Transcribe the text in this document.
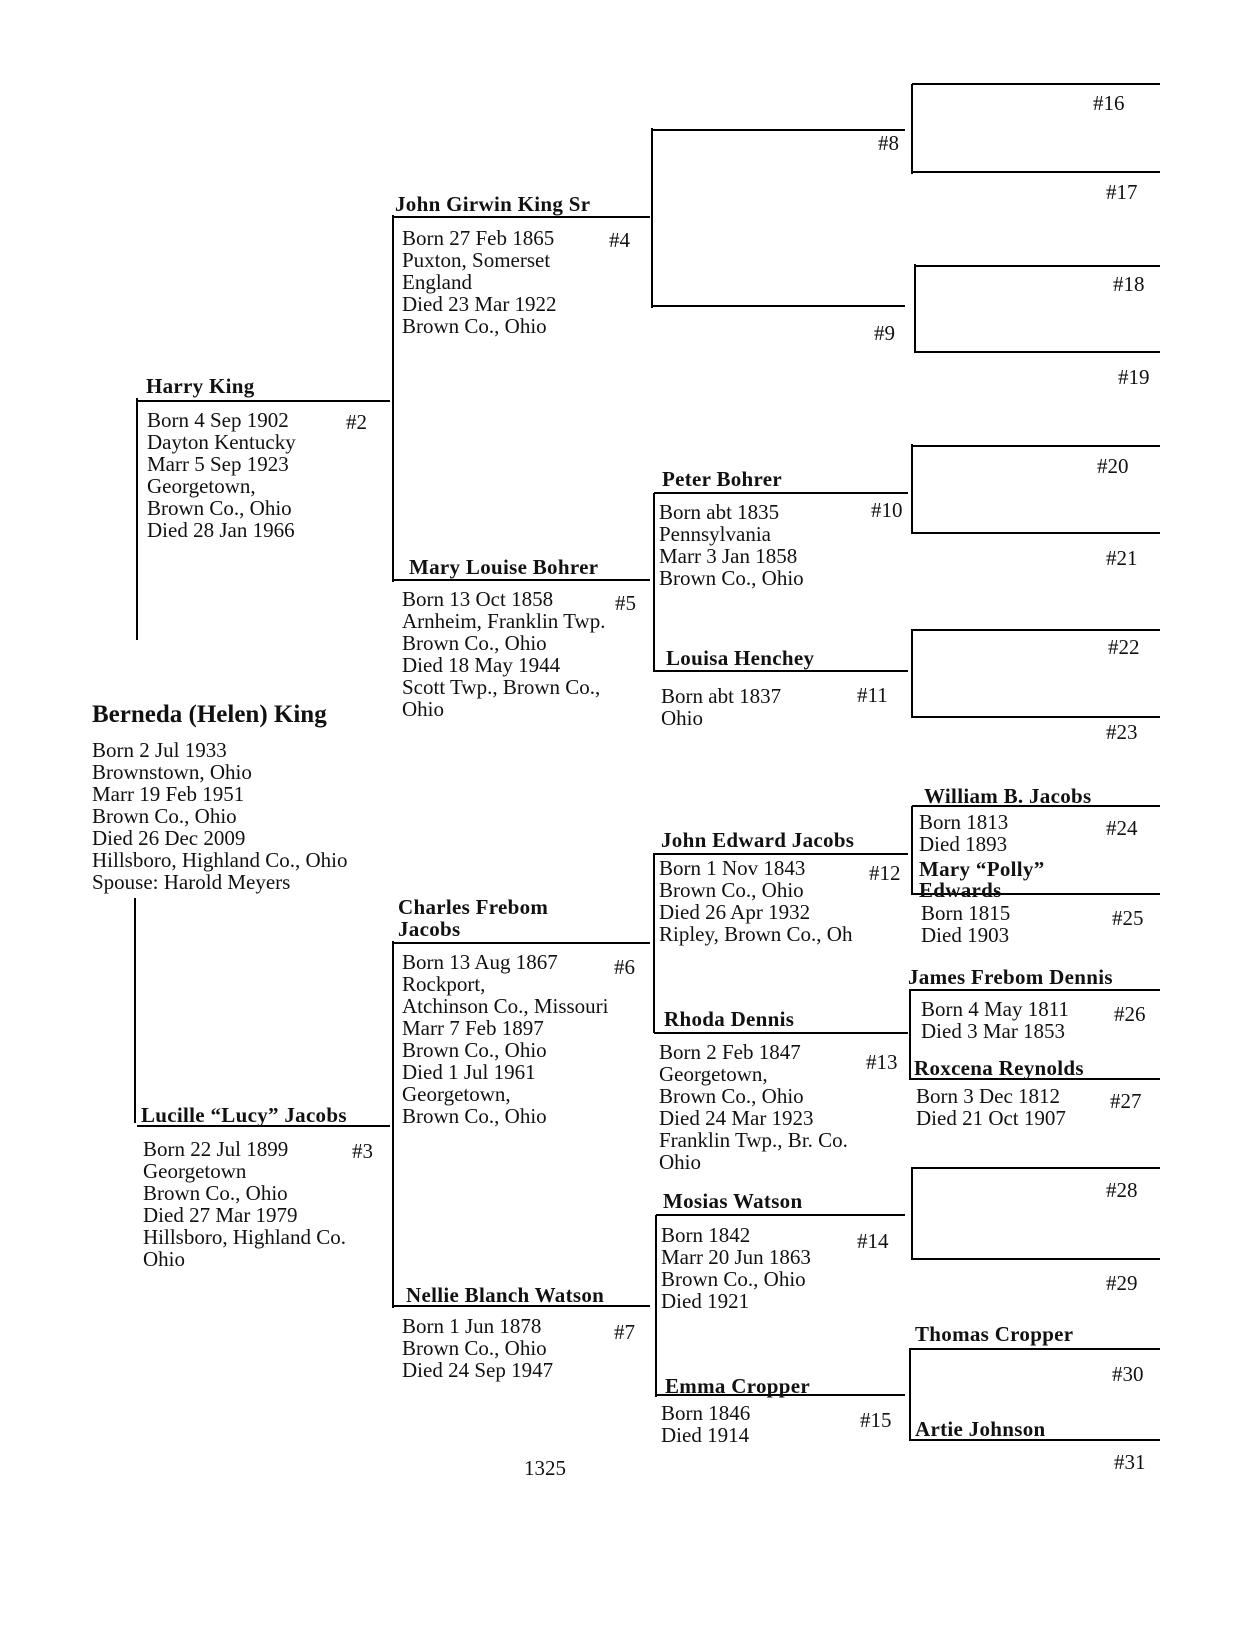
Berneda (Helen) King
Born 2 Jul 1933
Brownstown, Ohio
Marr 19 Feb 1951
Brown Co., Ohio
Died 26 Dec 2009
Hillsboro, Highland Co., Ohio
Spouse: Harold Meyers
Harry King
#2
Born 4 Sep 1902
Dayton Kentucky
Marr 5 Sep 1923
Georgetown,
Brown Co., Ohio
Died 28 Jan 1966
Lucille “Lucy” Jacobs
#3
Born 22 Jul 1899
Georgetown
Brown Co., Ohio
Died 27 Mar 1979
Hillsboro, Highland Co.
Ohio
John Girwin King Sr
#4
Born 27 Feb 1865
Puxton, Somerset
England
Died 23 Mar 1922
Brown Co., Ohio
Mary Louise Bohrer
#5
Born 13 Oct 1858
Arnheim, Franklin Twp.
Brown Co., Ohio
Died 18 May 1944
Scott Twp., Brown Co.,
Ohio
Charles Frebom
Jacobs
#6
Born 13 Aug 1867
Rockport,
Atchinson Co., Missouri
Marr 7 Feb 1897
Brown Co., Ohio
Died 1 Jul 1961
Georgetown,
Brown Co., Ohio
Nellie Blanch Watson
#7
Born 1 Jun 1878
Brown Co., Ohio
Died 24 Sep 1947
#8
#9
Peter Bohrer
#10
Born abt 1835
Pennsylvania
Marr 3 Jan 1858
Brown Co., Ohio
Louisa Henchey
#11
Born abt 1837
Ohio
John Edward Jacobs
#12
Born 1 Nov 1843
Brown Co., Ohio
Died 26 Apr 1932
Ripley, Brown Co., Oh
Rhoda Dennis
#13
Born 2 Feb 1847
Georgetown,
Brown Co., Ohio
Died 24 Mar 1923
Franklin Twp., Br. Co.
Ohio
Mosias Watson
#14
Born 1842
Marr 20 Jun 1863
Brown Co., Ohio
Died 1921
Emma Cropper
#15
Born 1846
Died 1914
#16
#17
#18
#19
#20
#21
#22
#23
William B. Jacobs
#24
Born 1813
Died 1893
Mary “Polly”
Edwards
#25
Born 1815
Died 1903
James Frebom Dennis
#26
Born 4 May 1811
Died 3 Mar 1853
Roxcena Reynolds
#27
Born 3 Dec 1812
Died 21 Oct 1907
#28
#29
Thomas Cropper
#30
Artie Johnson
#31
1325
